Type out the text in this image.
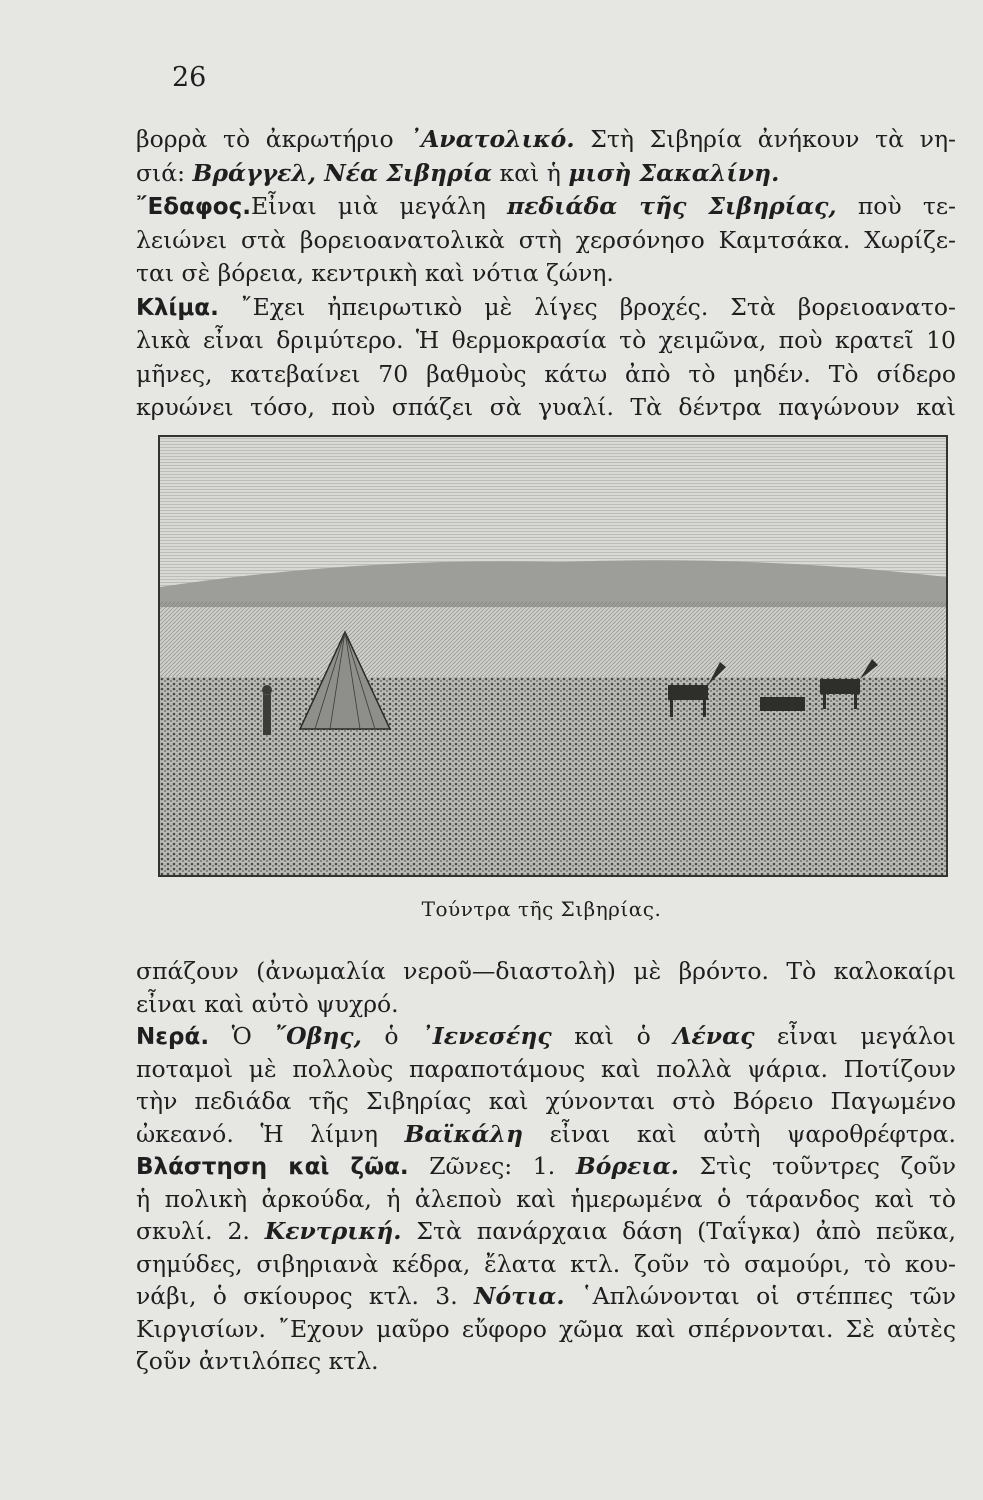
26
βορρὰ τὸ ἀκρωτήριο ᾿Ανατολικό. Στὴ Σιβηρία ἀνήκουν τὰ νη-
σιά: Βράγγελ, Νέα Σιβηρία καὶ ἡ μισὴ Σακαλίνη.
῎Εδαφος.Εἶναι μιὰ μεγάλη πεδιάδα τῆς Σιβηρίας, ποὺ τε-
λειώνει στὰ βορειοανατολικὰ στὴ χερσόνησο Καμτσάκα. Χωρίζε-
ται σὲ βόρεια, κεντρικὴ καὶ νότια ζώνη.
Κλίμα. ῎Εχει ἠπειρωτικὸ μὲ λίγες βροχές. Στὰ βορειοανατο-
λικὰ εἶναι δριμύτερο. Ἡ θερμοκρασία τὸ χειμῶνα, ποὺ κρατεῖ 10
μῆνες, κατεβαίνει 70 βαθμοὺς κάτω ἀπὸ τὸ μηδέν. Τὸ σίδερο
κρυώνει τόσο, ποὺ σπάζει σὰ γυαλί. Τὰ δέντρα παγώνουν καὶ
Τούντρα τῆς Σιβηρίας.
σπάζουν (ἀνωμαλία νεροῦ—διαστολὴ) μὲ βρόντο. Τὸ καλοκαίρι
εἶναι καὶ αὐτὸ ψυχρό.
Νερά. Ὁ ῎Οβης, ὁ ᾿Ιενεσέης καὶ ὁ Λένας εἶναι μεγάλοι
ποταμοὶ μὲ πολλοὺς παραποτάμους καὶ πολλὰ ψάρια. Ποτίζουν
τὴν πεδιάδα τῆς Σιβηρίας καὶ χύνονται στὸ Βόρειο Παγωμένο
ὠκεανό. Ἡ λίμνη Βαϊκάλη εἶναι καὶ αὐτὴ ψαροθρέφτρα.
Βλάστηση καὶ ζῶα. Ζῶνες: 1. Βόρεια. Στὶς τοῦντρες ζοῦν
ἡ πολικὴ ἀρκούδα, ἡ ἀλεποὺ καὶ ἡμερωμένα ὁ τάρανδος καὶ τὸ
σκυλί. 2. Κεντρική. Στὰ πανάρχαια δάση (Ταΐγκα) ἀπὸ πεῦκα,
σημύδες, σιβηριανὰ κέδρα, ἔλατα κτλ. ζοῦν τὸ σαμούρι, τὸ κου-
νάβι, ὁ σκίουρος κτλ. 3. Νότια. ῾Απλώνονται οἱ στέππες τῶν
Κιργισίων. ῎Εχουν μαῦρο εὔφορο χῶμα καὶ σπέρνονται. Σὲ αὐτὲς
ζοῦν ἀντιλόπες κτλ.
